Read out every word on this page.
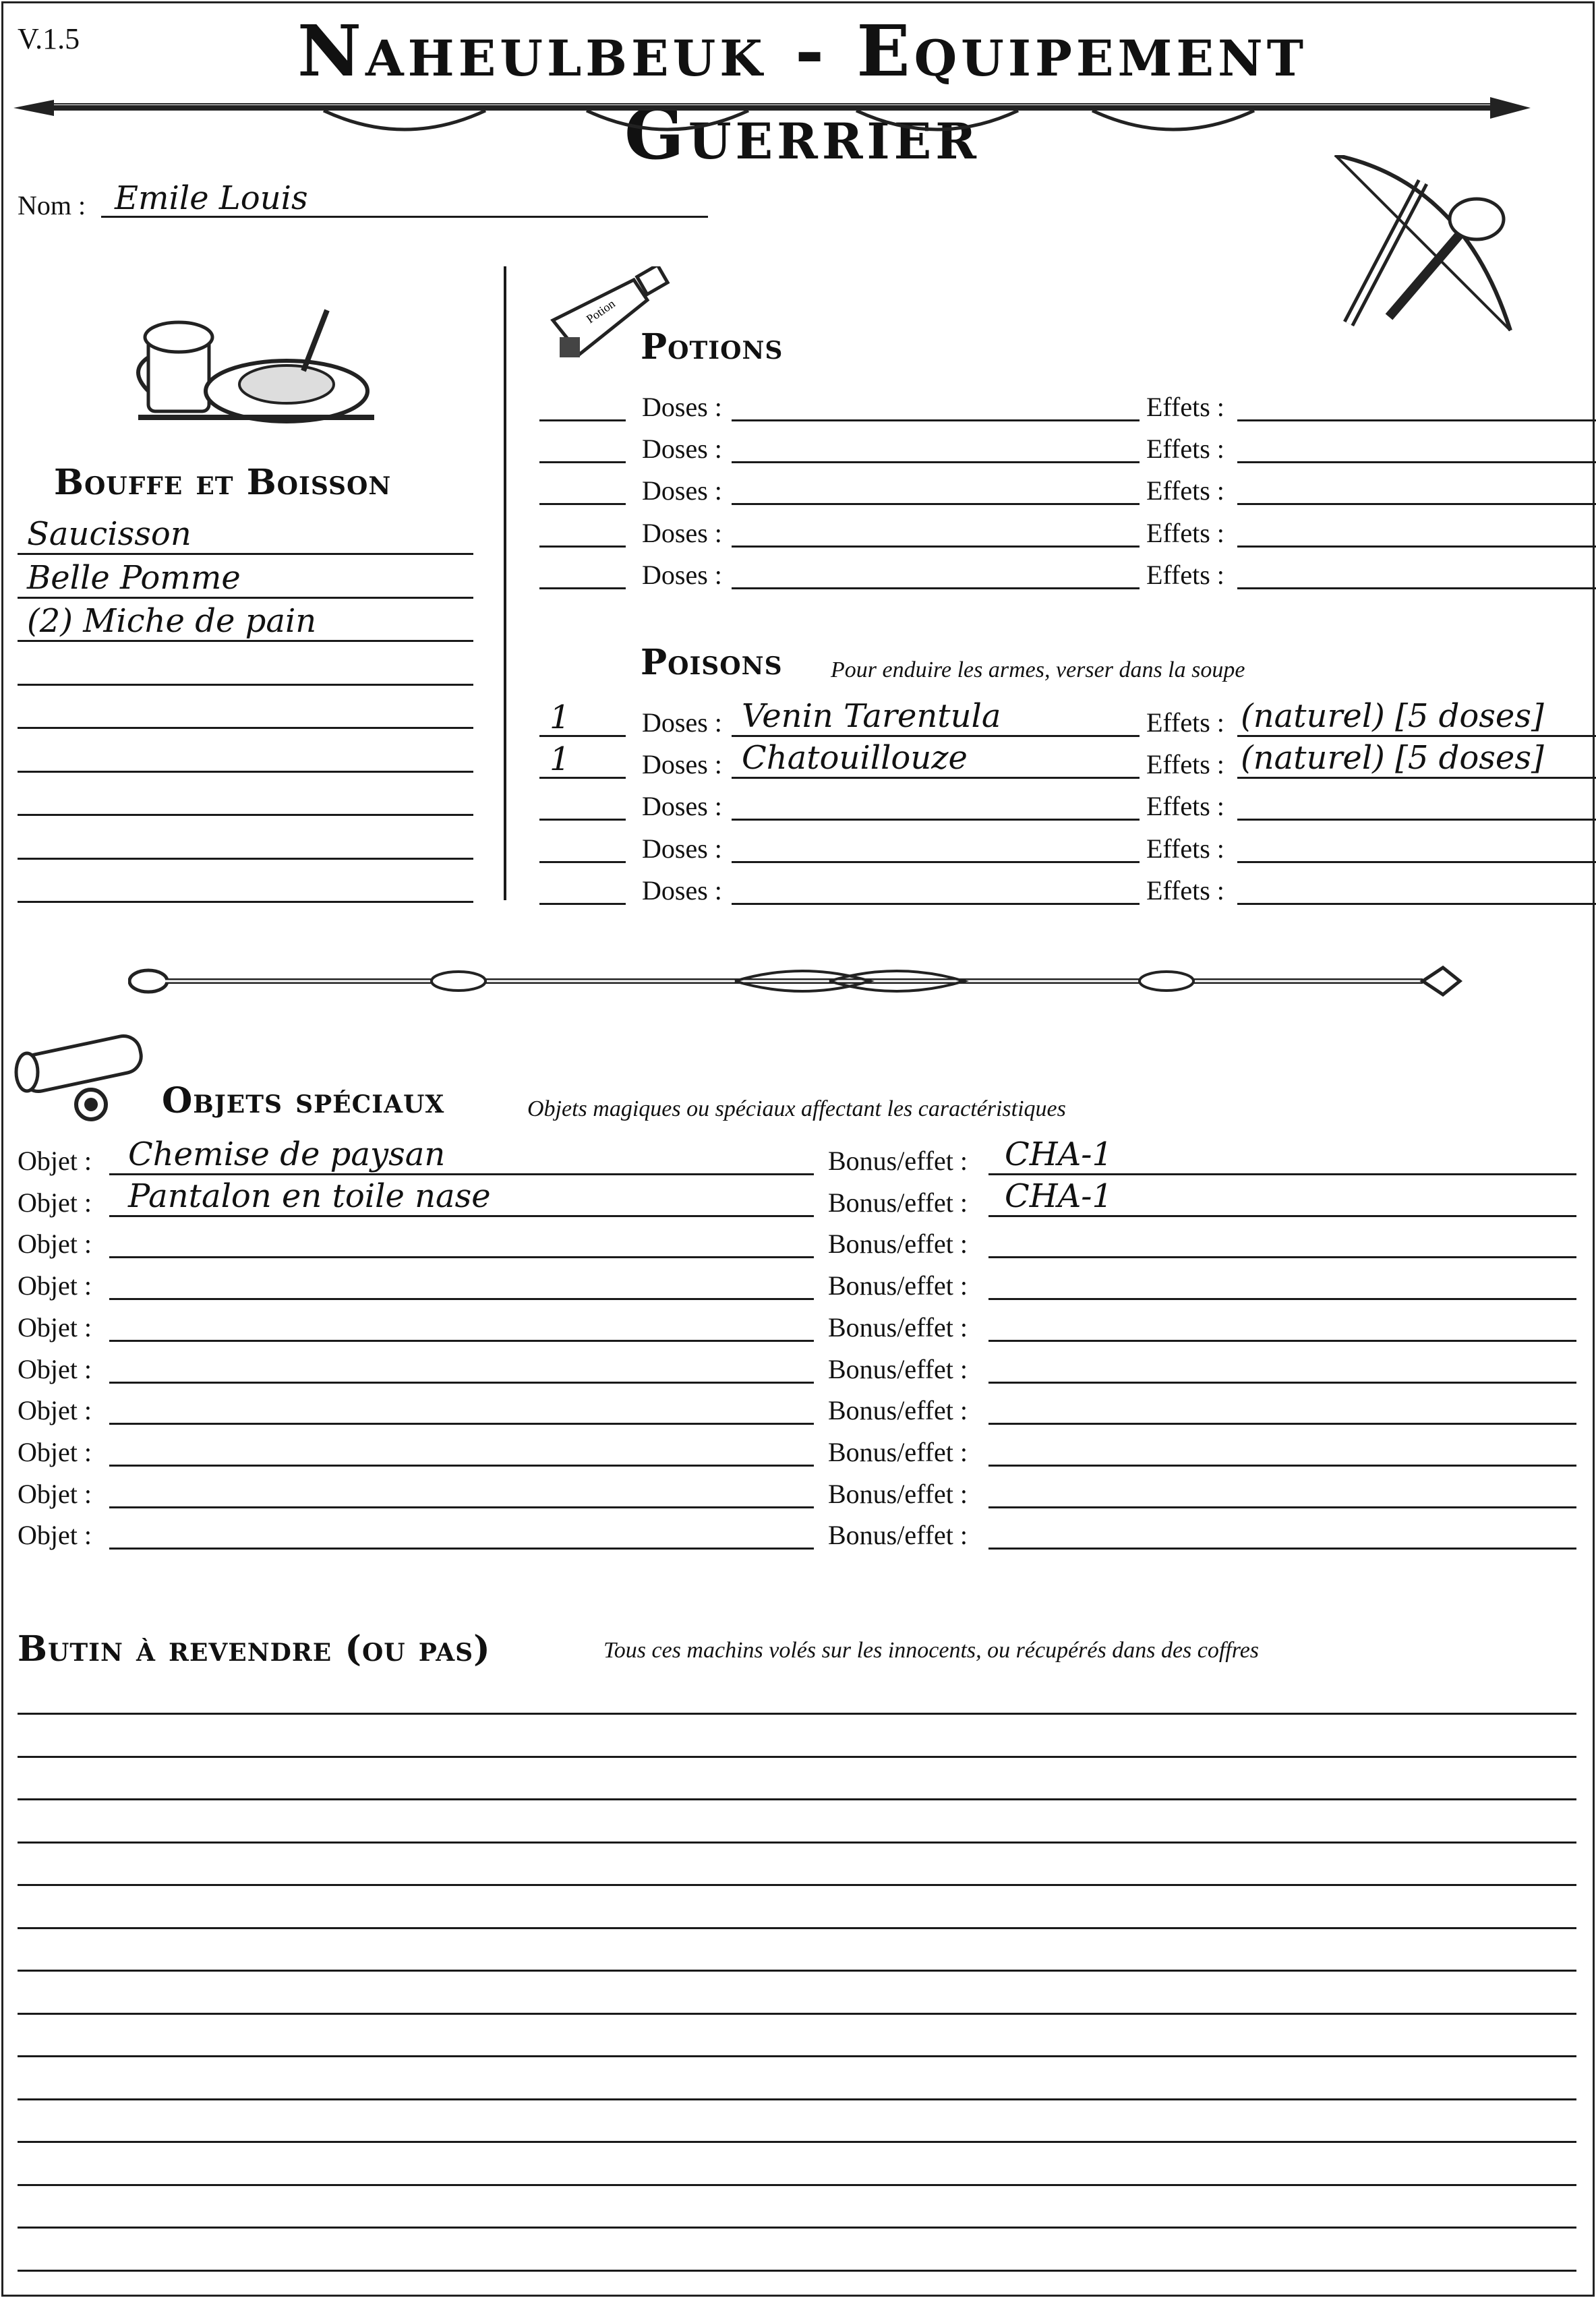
V.1.5	Naheulbeuk - Equipement Guerrier
Nom : Emile Louis
Bouffe et Boisson
Potion
Potions
Poisons Pour enduire les armes, verser dans la soupe
Objets spéciaux	Objets magiques ou spéciaux affectant les caractéristiques
Butin à revendre (ou pas)	Tous ces machins volés sur les innocents, ou récupérés dans des coffres
Saucisson
Belle Pomme
(2) Miche de pain
Doses :	Effets :
Doses :	Effets :
Doses :	Effets :
Doses :	Effets :
Doses :	Effets :
1	Doses : Venin Tarentula	Effets : (naturel) [5 doses]
1	Doses : Chatouillouze	Effets : (naturel) [5 doses]
Doses :	Effets :
Doses :	Effets :
Doses :	Effets :
Objet : Chemise de paysan	Bonus/effet : CHA-1
Objet : Pantalon en toile nase	Bonus/effet : CHA-1
Objet :	Bonus/effet :
Objet :	Bonus/effet :
Objet :	Bonus/effet :
Objet :	Bonus/effet :
Objet :	Bonus/effet :
Objet :	Bonus/effet :
Objet :	Bonus/effet :
Objet :	Bonus/effet :
